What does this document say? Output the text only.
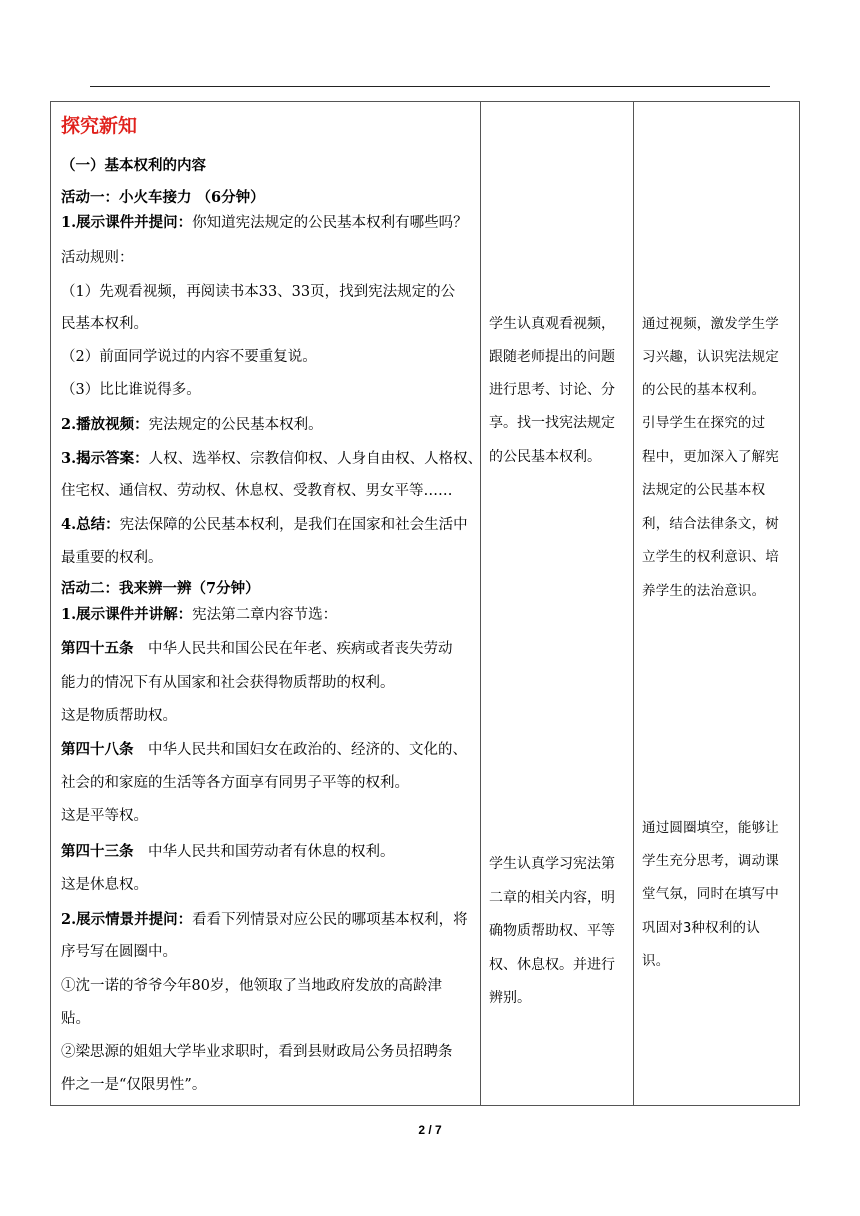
探究新知
（一）基本权利的内容
活动一：小火车接力 （6分钟）
1.展示课件并提问：你知道宪法规定的公民基本权利有哪些吗？
活动规则：
（1）先观看视频，再阅读书本33、33页，找到宪法规定的公
民基本权利。
（2）前面同学说过的内容不要重复说。
（3）比比谁说得多。
2.播放视频：宪法规定的公民基本权利。
3.揭示答案：人权、选举权、宗教信仰权、人身自由权、人格权、
住宅权、通信权、劳动权、休息权、受教育权、男女平等……
4.总结：宪法保障的公民基本权利，是我们在国家和社会生活中
最重要的权利。
活动二：我来辨一辨（7分钟）
1.展示课件并讲解：宪法第二章内容节选：
第四十五条　中华人民共和国公民在年老、疾病或者丧失劳动
能力的情况下有从国家和社会获得物质帮助的权利。
这是物质帮助权。
第四十八条　中华人民共和国妇女在政治的、经济的、文化的、
社会的和家庭的生活等各方面享有同男子平等的权利。
这是平等权。
第四十三条　中华人民共和国劳动者有休息的权利。
这是休息权。
2.展示情景并提问：看看下列情景对应公民的哪项基本权利，将
序号写在圆圈中。
①沈一诺的爷爷今年80岁，他领取了当地政府发放的高龄津
贴。
②梁思源的姐姐大学毕业求职时，看到县财政局公务员招聘条
件之一是“仅限男性”。

学生认真观看视频，
跟随老师提出的问题
进行思考、讨论、分
享。找一找宪法规定
的公民基本权利。
学生认真学习宪法第
二章的相关内容，明
确物质帮助权、平等
权、休息权。并进行
辨别。

通过视频，激发学生学
习兴趣，认识宪法规定
的公民的基本权利。
引导学生在探究的过
程中，更加深入了解宪
法规定的公民基本权
利，结合法律条文，树
立学生的权利意识、培
养学生的法治意识。
通过圆圈填空，能够让
学生充分思考，调动课
堂气氛，同时在填写中
巩固对3种权利的认
识。
2 / 7
